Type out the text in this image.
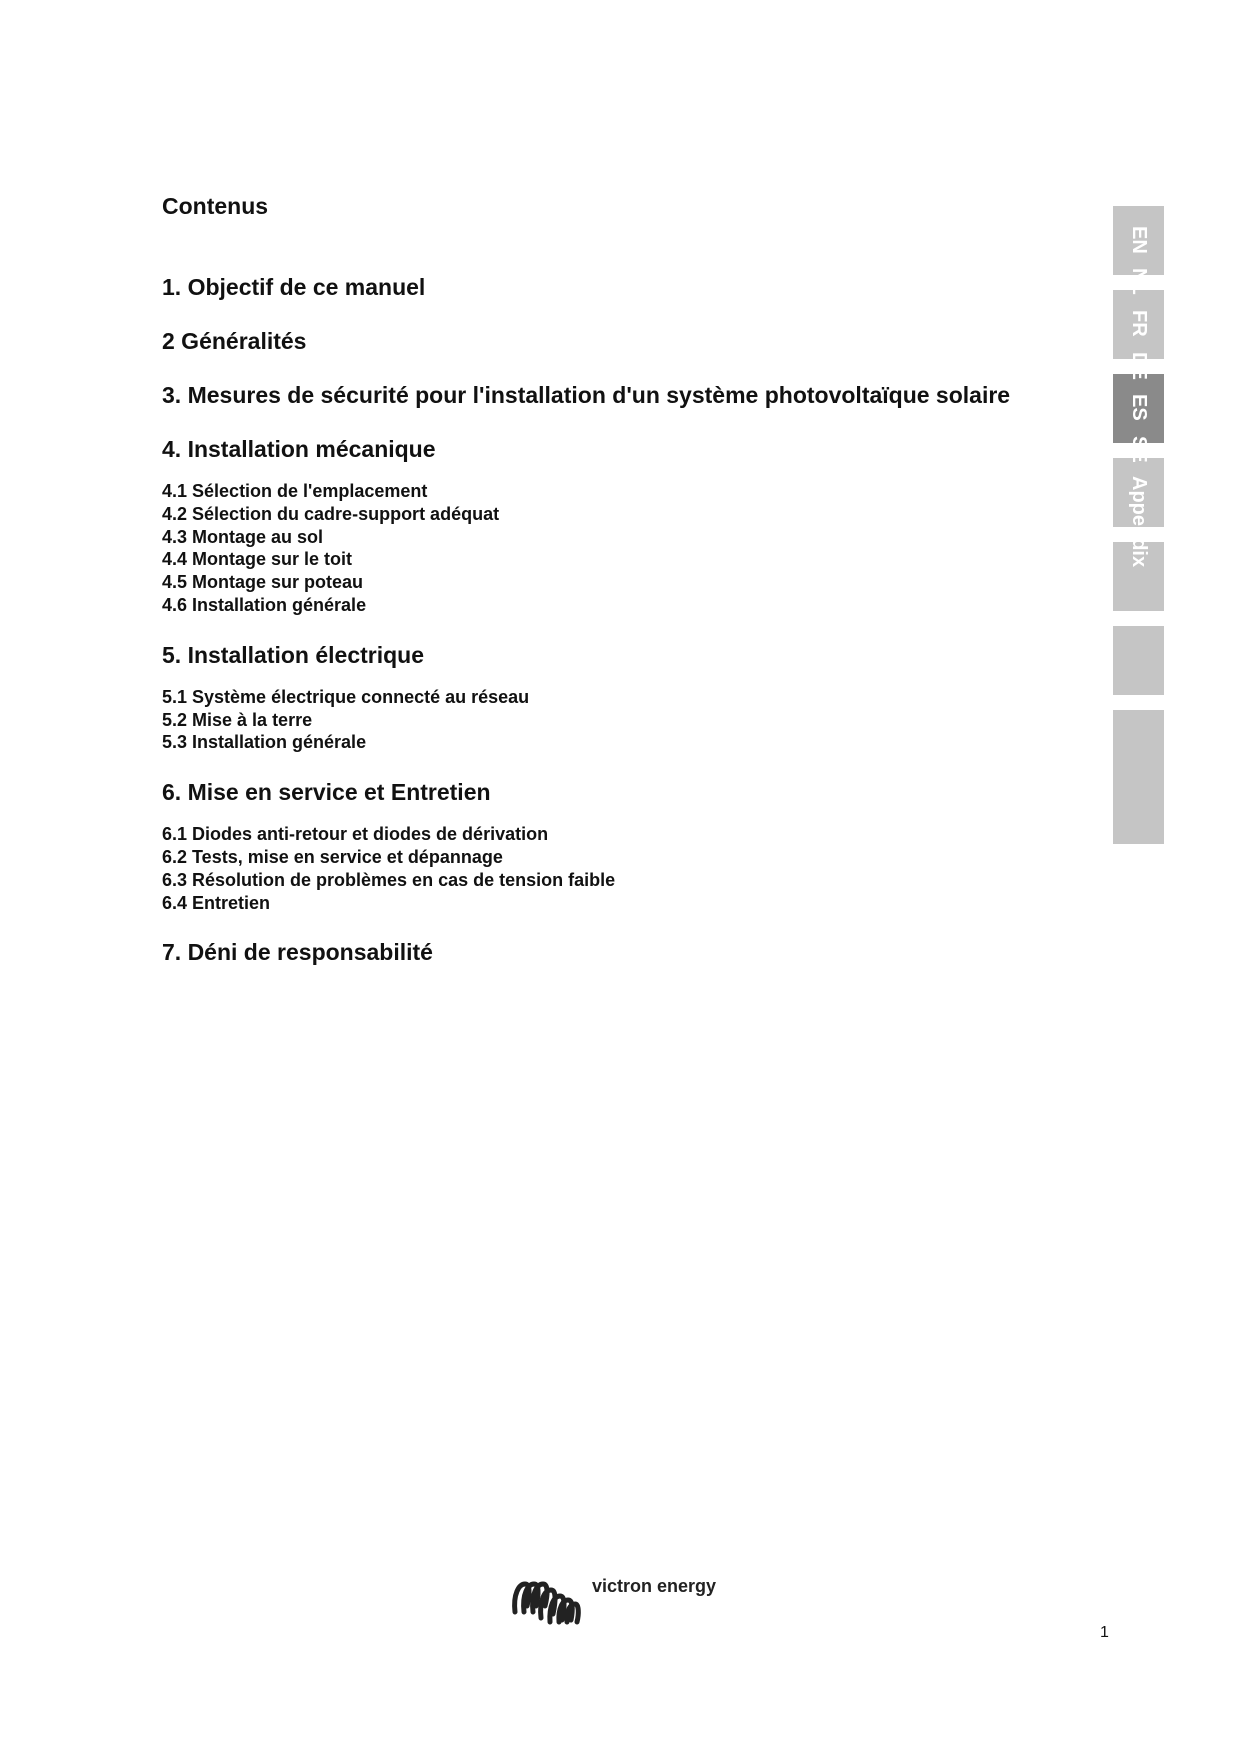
Contenus
1. Objectif de ce manuel
2 Généralités
3. Mesures de sécurité pour l'installation d'un système photovoltaïque solaire
4. Installation mécanique
4.1 Sélection de l'emplacement
4.2 Sélection du cadre-support adéquat
4.3 Montage au sol
4.4 Montage sur le toit
4.5 Montage sur poteau
4.6 Installation générale
5. Installation électrique
5.1 Système électrique connecté au réseau
5.2 Mise à la terre
5.3 Installation générale
6. Mise en service et Entretien
6.1 Diodes anti-retour et diodes de dérivation
6.2 Tests, mise en service et dépannage
6.3 Résolution de problèmes en cas de tension faible
6.4 Entretien
7. Déni de responsabilité
EN
NL
FR
DE
ES
SE
Appendix
victron energy
1
